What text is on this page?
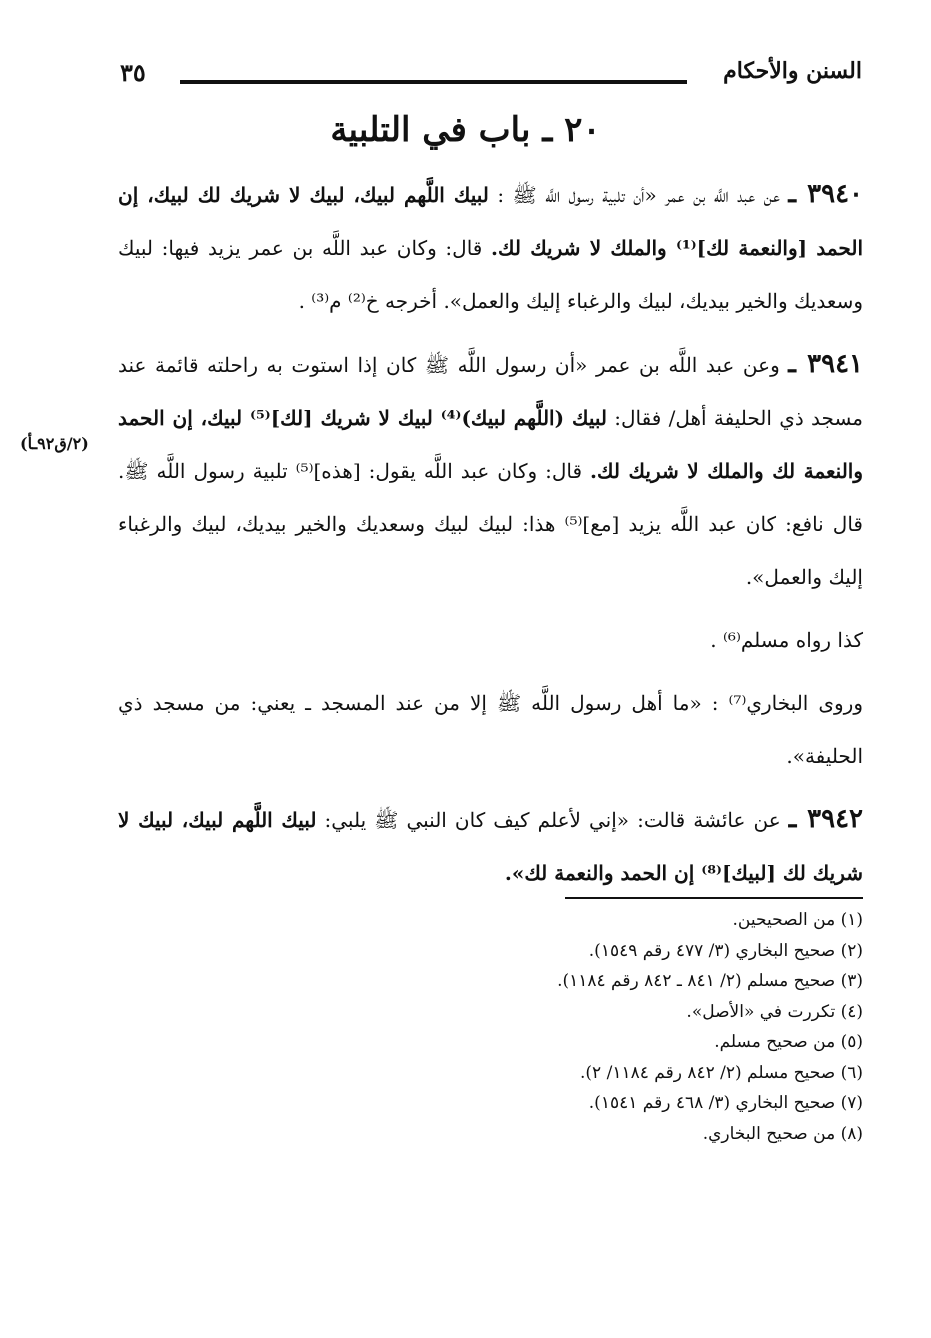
السنن والأحكام
٣٥
٢٠ ـ باب في التلبية
(٢/ق٩٢ـأ)

٣٩٤٠ ـ عن عبد اللَّه بن عمر «أن تلبية رسول اللَّه ﷺ : لبيك اللَّهم لبيك، لبيك لا شريك لك لبيك، إن الحمد [والنعمة لك]⁽¹⁾ والملك لا شريك لك. قال: وكان عبد اللَّه بن عمر يزيد فيها: لبيك وسعديك والخير بيديك، لبيك والرغباء إليك والعمل». أخرجه خ⁽²⁾ م⁽³⁾ .

٣٩٤١ ـ وعن عبد اللَّه بن عمر «أن رسول اللَّه ﷺ كان إذا استوت به راحلته قائمة عند مسجد ذي الحليفة أهل/ فقال: لبيك (اللَّهم لبيك)⁽⁴⁾ لبيك لا شريك [لك]⁽⁵⁾ لبيك، إن الحمد والنعمة لك والملك لا شريك لك. قال: وكان عبد اللَّه يقول: [هذه]⁽⁵⁾ تلبية رسول اللَّه ﷺ. قال نافع: كان عبد اللَّه يزيد [مع]⁽⁵⁾ هذا: لبيك لبيك وسعديك والخير بيديك، لبيك والرغباء إليك والعمل».

كذا رواه مسلم⁽⁶⁾ .

وروى البخاري⁽⁷⁾ : «ما أهل رسول اللَّه ﷺ إلا من عند المسجد ـ يعني: من مسجد ذي الحليفة».

٣٩٤٢ ـ عن عائشة قالت: «إني لأعلم كيف كان النبي ﷺ يلبي: لبيك اللَّهم لبيك، لبيك لا شريك لك [لبيك]⁽⁸⁾ إن الحمد والنعمة لك».

(١) من الصحيحين.
(٢) صحيح البخاري (٣/ ٤٧٧ رقم ١٥٤٩).
(٣) صحيح مسلم (٢/ ٨٤١ ـ ٨٤٢ رقم ١١٨٤).
(٤) تكررت في «الأصل».
(٥) من صحيح مسلم.
(٦) صحيح مسلم (٢/ ٨٤٢ رقم ١١٨٤/ ٢).
(٧) صحيح البخاري (٣/ ٤٦٨ رقم ١٥٤١).
(٨) من صحيح البخاري.
